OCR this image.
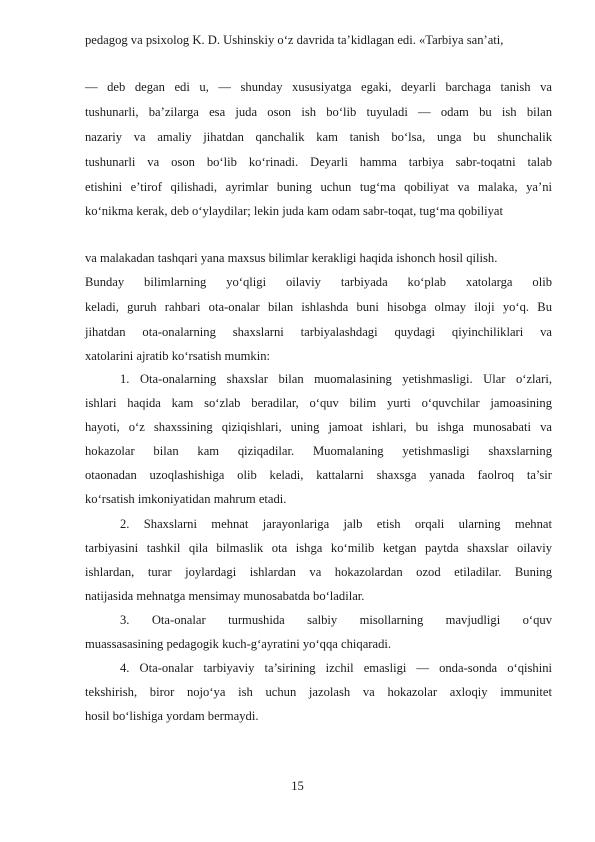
pedagog va psixolog K. D. Ushinskiy o‘z davrida ta’kidlagan edi. «Tarbiya san’ati,
— deb degan edi u, — shunday xususiyatga egaki, deyarli barchaga tanish va
tushunarli, ba’zilarga esa juda oson ish bo‘lib tuyuladi — odam bu ish bilan
nazariy va amaliy jihatdan qanchalik kam tanish bo‘lsa, unga bu shunchalik
tushunarli va oson bo‘lib ko‘rinadi. Deyarli hamma tarbiya sabr-toqatni talab
etishini e’tirof qilishadi, ayrimlar buning uchun tug‘ma qobiliyat va malaka, ya’ni
ko‘nikma kerak, deb o‘ylaydilar; lekin juda kam odam sabr-toqat, tug‘ma qobiliyat
va malakadan tashqari yana maxsus bilimlar kerakligi haqida ishonch hosil qilish.
Bunday bilimlarning yo‘qligi oilaviy tarbiyada ko‘plab xatolarga olib
keladi, guruh rahbari ota-onalar bilan ishlashda buni hisobga olmay iloji yo‘q. Bu
jihatdan ota-onalarning shaxslarni tarbiyalashdagi quydagi qiyinchiliklari va
xatolarini ajratib ko‘rsatish mumkin:
1. Ota-onalarning shaxslar bilan muomalasining yetishmasligi. Ular o‘zlari,
ishlari haqida kam so‘zlab beradilar, o‘quv bilim yurti o‘quvchilar jamoasining
hayoti, o‘z shaxssining qiziqishlari, uning jamoat ishlari, bu ishga munosabati va
hokazolar bilan kam qiziqadilar. Muomalaning yetishmasligi shaxslarning
otaonadan uzoqlashishiga olib keladi, kattalarni shaxsga yanada faolroq ta’sir
ko‘rsatish imkoniyatidan mahrum etadi.
2. Shaxslarni mehnat jarayonlariga jalb etish orqali ularning mehnat
tarbiyasini tashkil qila bilmaslik ota ishga ko‘milib ketgan paytda shaxslar oilaviy
ishlardan, turar joylardagi ishlardan va hokazolardan ozod etiladilar. Buning
natijasida mehnatga mensimay munosabatda bo‘ladilar.
3. Ota-onalar turmushida salbiy misollarning mavjudligi o‘quv
muassasasining pedagogik kuch-g‘ayratini yo‘qqa chiqaradi.
4. Ota-onalar tarbiyaviy ta’sirining izchil emasligi — onda-sonda o‘qishini
tekshirish, biror nojo‘ya ish uchun jazolash va hokazolar axloqiy immunitet
hosil bo‘lishiga yordam bermaydi.
15
